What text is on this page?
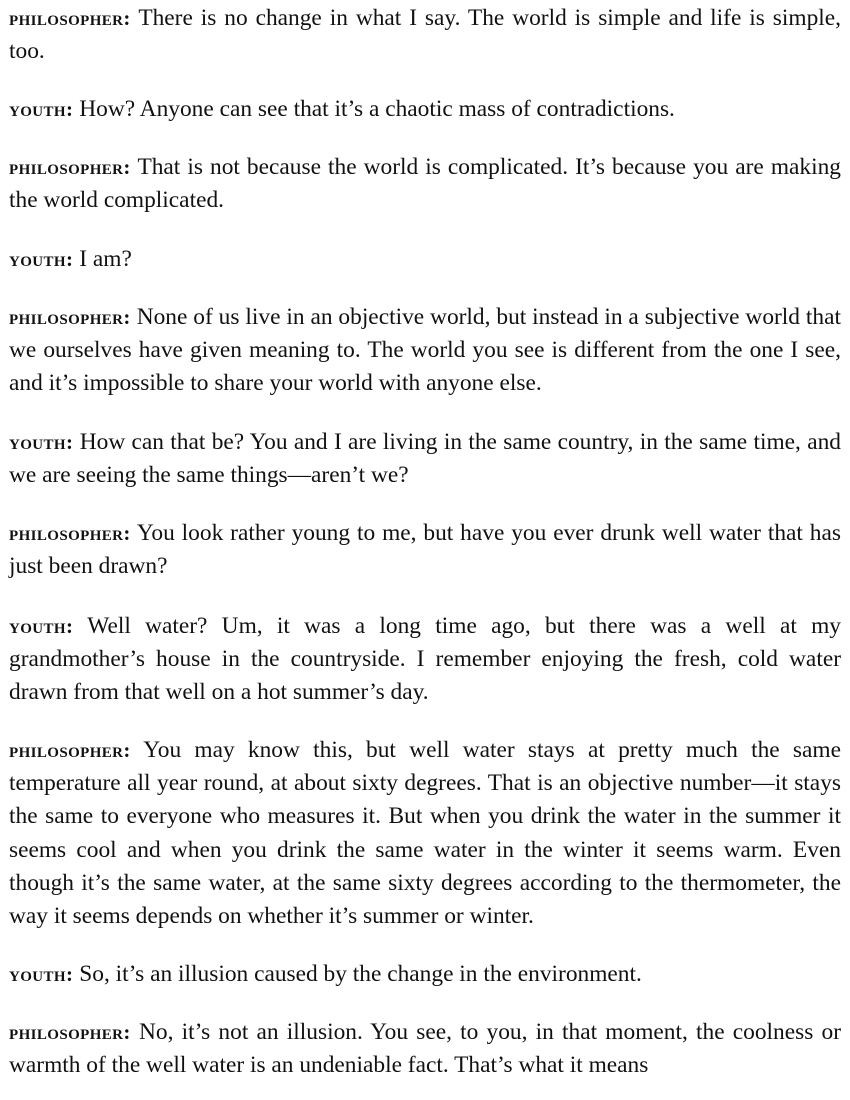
philosopher: There is no change in what I say. The world is simple and life is simple, too.

youth: How? Anyone can see that it’s a chaotic mass of contradictions.

philosopher: That is not because the world is complicated. It’s because you are making the world complicated.

youth: I am?

philosopher: None of us live in an objective world, but instead in a subjective world that we ourselves have given meaning to. The world you see is different from the one I see, and it’s impossible to share your world with anyone else.

youth: How can that be? You and I are living in the same country, in the same time, and we are seeing the same things—aren’t we?

philosopher: You look rather young to me, but have you ever drunk well water that has just been drawn?

youth: Well water? Um, it was a long time ago, but there was a well at my grandmother’s house in the countryside. I remember enjoying the fresh, cold water drawn from that well on a hot summer’s day.

philosopher: You may know this, but well water stays at pretty much the same temperature all year round, at about sixty degrees. That is an objective number—it stays the same to everyone who measures it. But when you drink the water in the summer it seems cool and when you drink the same water in the winter it seems warm. Even though it’s the same water, at the same sixty degrees according to the thermometer, the way it seems depends on whether it’s summer or winter.

youth: So, it’s an illusion caused by the change in the environment.

philosopher: No, it’s not an illusion. You see, to you, in that moment, the coolness or warmth of the well water is an undeniable fact. That’s what it means
